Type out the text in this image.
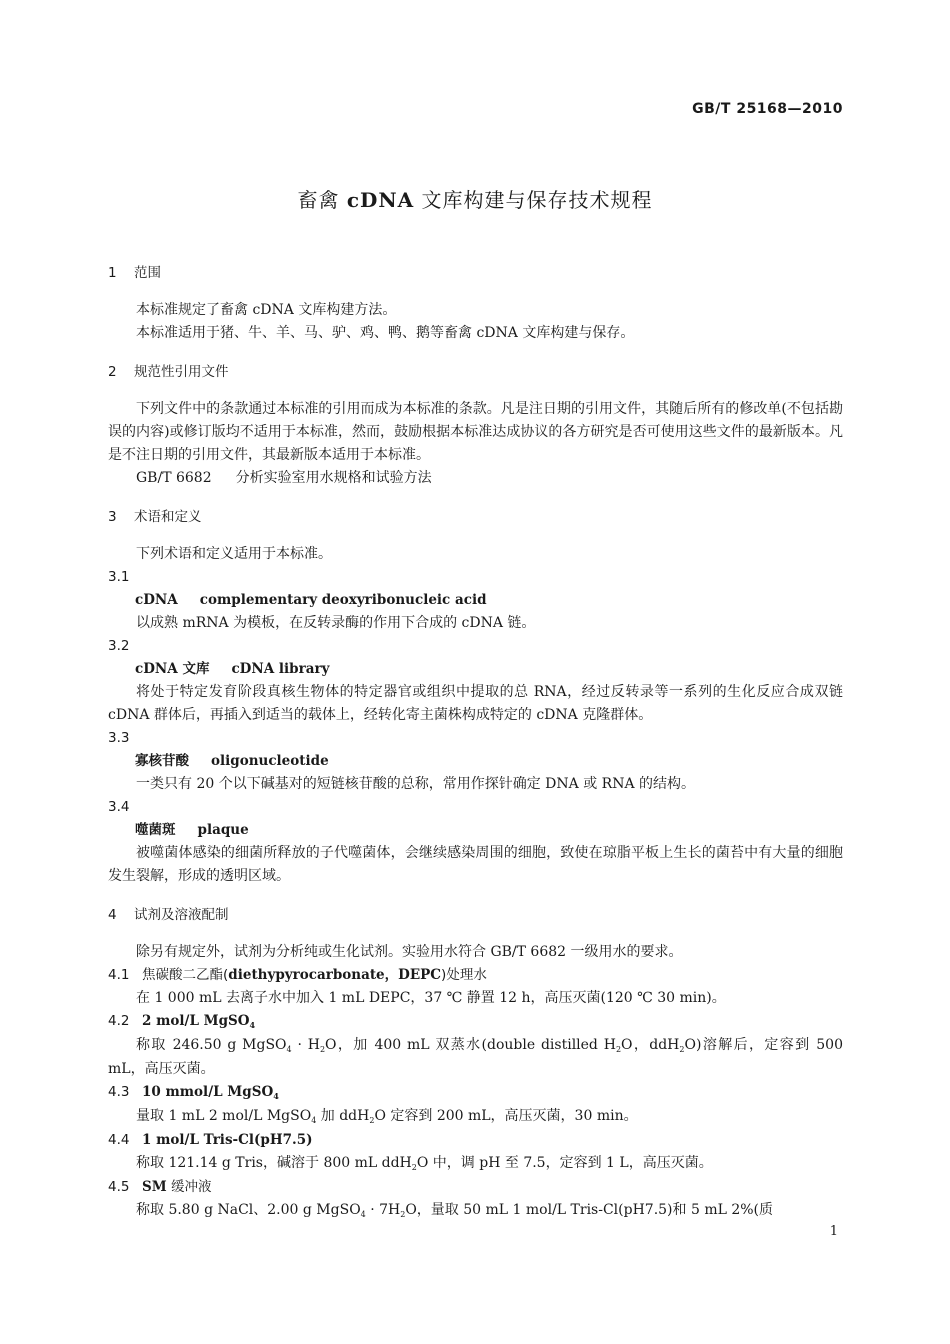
GB/T 25168—2010
畜禽 cDNA 文库构建与保存技术规程
1 范围
本标准规定了畜禽 cDNA 文库构建方法。
本标准适用于猪、牛、羊、马、驴、鸡、鸭、鹅等畜禽 cDNA 文库构建与保存。
2 规范性引用文件
下列文件中的条款通过本标准的引用而成为本标准的条款。凡是注日期的引用文件，其随后所有的修改单(不包括勘误的内容)或修订版均不适用于本标准，然而，鼓励根据本标准达成协议的各方研究是否可使用这些文件的最新版本。凡是不注日期的引用文件，其最新版本适用于本标准。
GB/T 6682 分析实验室用水规格和试验方法
3 术语和定义
下列术语和定义适用于本标准。
3.1
cDNA complementary deoxyribonucleic acid
以成熟 mRNA 为模板，在反转录酶的作用下合成的 cDNA 链。
3.2
cDNA 文库 cDNA library
将处于特定发育阶段真核生物体的特定器官或组织中提取的总 RNA，经过反转录等一系列的生化反应合成双链 cDNA 群体后，再插入到适当的载体上，经转化寄主菌株构成特定的 cDNA 克隆群体。
3.3
寡核苷酸 oligonucleotide
一类只有 20 个以下碱基对的短链核苷酸的总称，常用作探针确定 DNA 或 RNA 的结构。
3.4
噬菌斑 plaque
被噬菌体感染的细菌所释放的子代噬菌体，会继续感染周围的细胞，致使在琼脂平板上生长的菌苔中有大量的细胞发生裂解，形成的透明区域。
4 试剂及溶液配制
除另有规定外，试剂为分析纯或生化试剂。实验用水符合 GB/T 6682 一级用水的要求。
4.1 焦碳酸二乙酯(diethypyrocarbonate，DEPC)处理水
在 1 000 mL 去离子水中加入 1 mL DEPC，37 ℃ 静置 12 h，高压灭菌(120 ℃ 30 min)。
4.2 2 mol/L MgSO$_4$
称取 246.50 g MgSO$_4$ · $H_2O$，加 400 mL 双蒸水(double distilled $H_2O$，ddH$_2$O)溶解后，定容到 500 mL，高压灭菌。
4.3 10 mmol/L MgSO$_4$
量取 1 mL 2 mol/L MgSO$_4$ 加 ddH$_2$O 定容到 200 mL，高压灭菌，30 min。
4.4 1 mol/L Tris-Cl(pH7.5)
称取 121.14 g Tris，碱溶于 800 mL ddH$_2$O 中，调 pH 至 7.5，定容到 1 L，高压灭菌。
4.5 SM 缓冲液
称取 5.80 g NaCl、2.00 g MgSO$_4$ · $7H_2O$，量取 50 mL 1 mol/L Tris-Cl(pH7.5)和 5 mL 2%(质
1
